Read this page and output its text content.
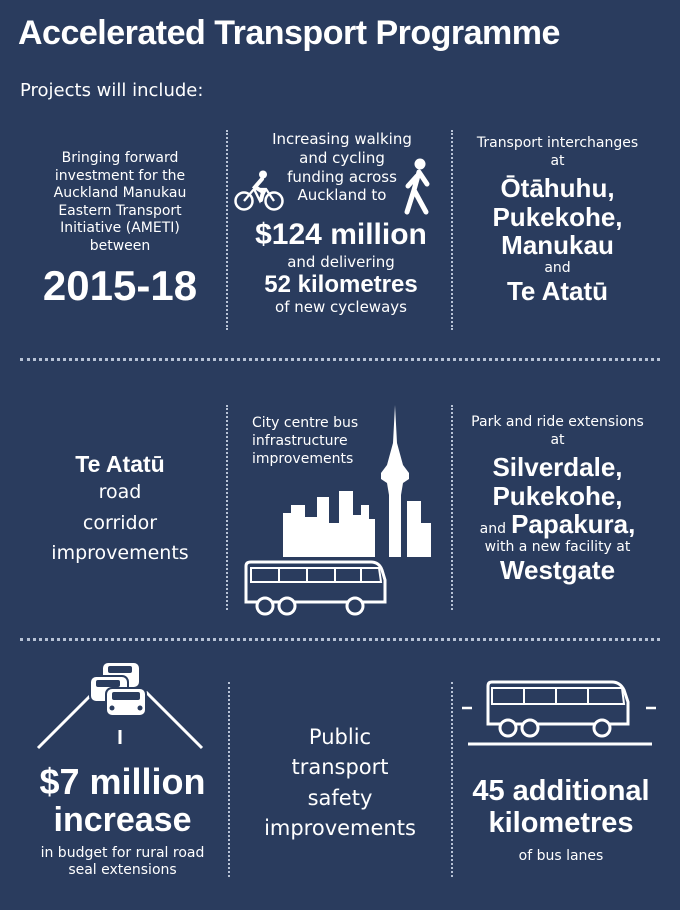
Accelerated Transport Programme
Projects will include:
Bringing forward
investment for the
Auckland Manukau
Eastern Transport
Initiative (AMETI)
between
2015-18
Increasing walking
and cycling
funding across
Auckland to
$124 million
and delivering
52 kilometres
of new cycleways
Transport interchanges
at
Ōtāhuhu,
Pukekohe,
Manukau
and
Te Atatū
Te Atatū
road
corridor
improvements
City centre bus
infrastructure
improvements
Park and ride extensions
at
Silverdale,
Pukekohe,
and Papakura,
with a new facility at
Westgate
$7 million
increase
in budget for rural road
seal extensions
Public
transport
safety
improvements
45 additional
kilometres
of bus lanes
